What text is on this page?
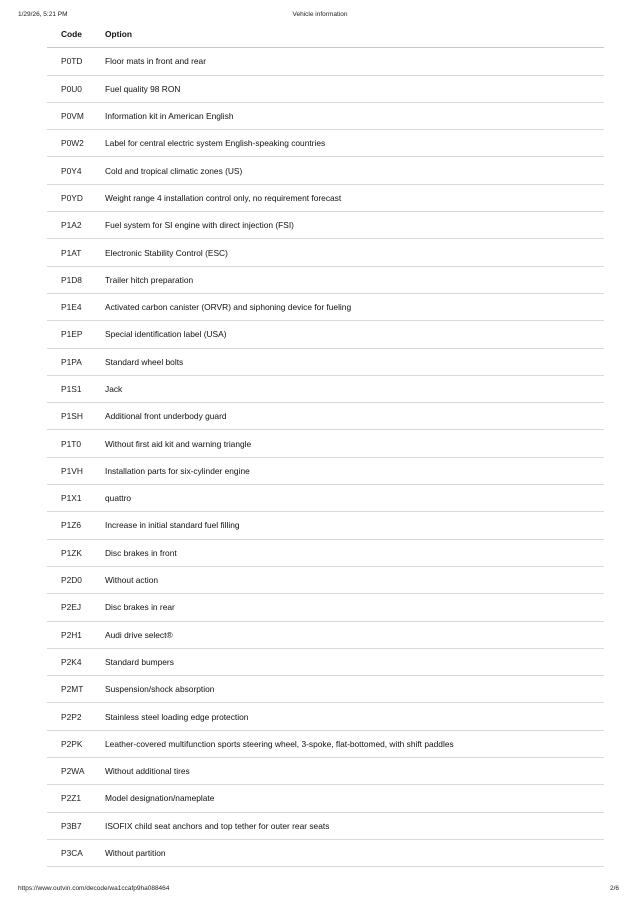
1/29/26, 5:21 PM	Vehicle information
Code	Option
P0TD	Floor mats in front and rear
P0U0	Fuel quality 98 RON
P0VM	Information kit in American English
P0W2	Label for central electric system English-speaking countries
P0Y4	Cold and tropical climatic zones (US)
P0YD	Weight range 4 installation control only, no requirement forecast
P1A2	Fuel system for SI engine with direct injection (FSI)
P1AT	Electronic Stability Control (ESC)
P1D8	Trailer hitch preparation
P1E4	Activated carbon canister (ORVR) and siphoning device for fueling
P1EP	Special identification label (USA)
P1PA	Standard wheel bolts
P1S1	Jack
P1SH	Additional front underbody guard
P1T0	Without first aid kit and warning triangle
P1VH	Installation parts for six-cylinder engine
P1X1	quattro
P1Z6	Increase in initial standard fuel filling
P1ZK	Disc brakes in front
P2D0	Without action
P2EJ	Disc brakes in rear
P2H1	Audi drive select®
P2K4	Standard bumpers
P2MT	Suspension/shock absorption
P2P2	Stainless steel loading edge protection
P2PK	Leather-covered multifunction sports steering wheel, 3-spoke, flat-bottomed, with shift paddles
P2WA	Without additional tires
P2Z1	Model designation/nameplate
P3B7	ISOFIX child seat anchors and top tether for outer rear seats
P3CA	Without partition
https://www.outvin.com/decode/wa1ccafp9ha088464	2/6
